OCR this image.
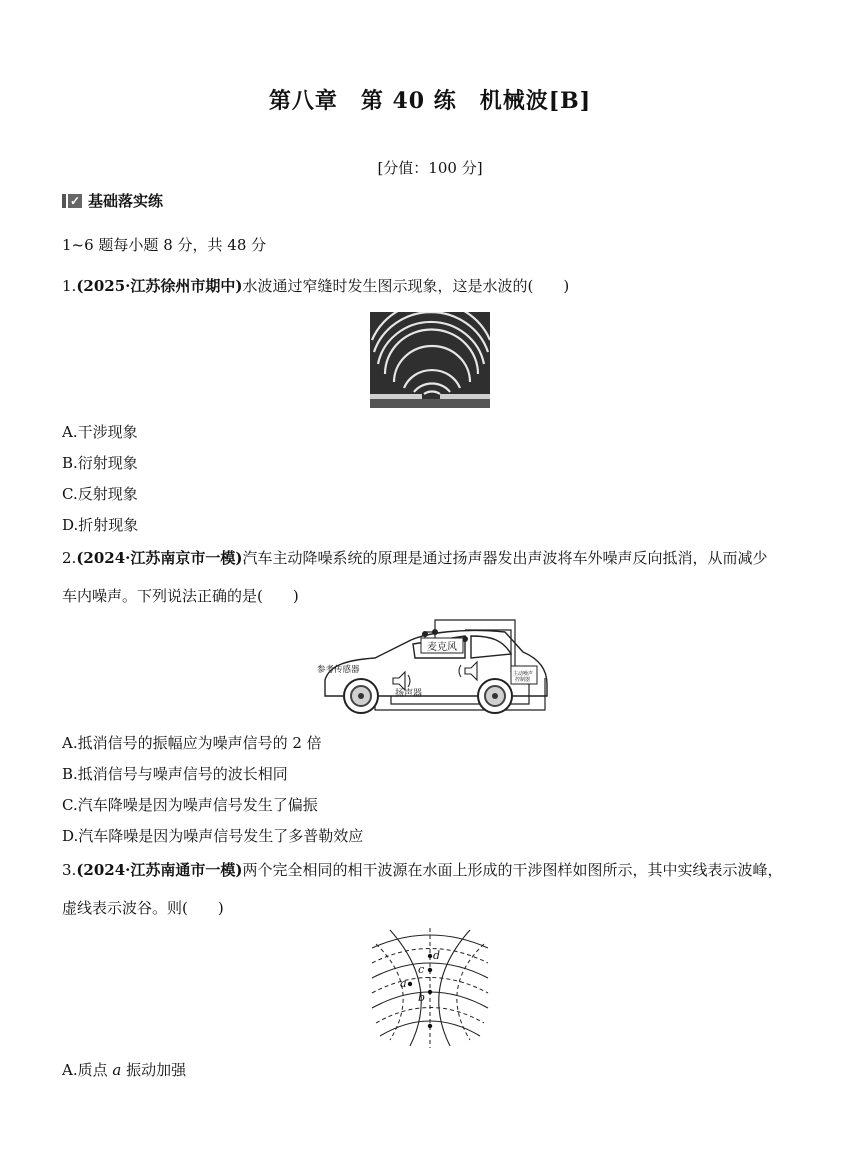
第八章　第 40 练　机械波[B]
[分值：100 分]
✓ 基础落实练
1~6 题每小题 8 分，共 48 分
1.(2025·江苏徐州市期中)水波通过窄缝时发生图示现象，这是水波的(　　)
A.干涉现象
B.衍射现象
C.反射现象
D.折射现象
2.(2024·江苏南京市一模)汽车主动降噪系统的原理是通过扬声器发出声波将车外噪声反向抵消，从而减少
车内噪声。下列说法正确的是(　　)
麦克风
参考传感器
扬声器
主动噪声
控制器
A.抵消信号的振幅应为噪声信号的 2 倍
B.抵消信号与噪声信号的波长相同
C.汽车降噪是因为噪声信号发生了偏振
D.汽车降噪是因为噪声信号发生了多普勒效应
3.(2024·江苏南通市一模)两个完全相同的相干波源在水面上形成的干涉图样如图所示，其中实线表示波峰，
虚线表示波谷。则(　　)
d
c
a
b
A.质点 a 振动加强
